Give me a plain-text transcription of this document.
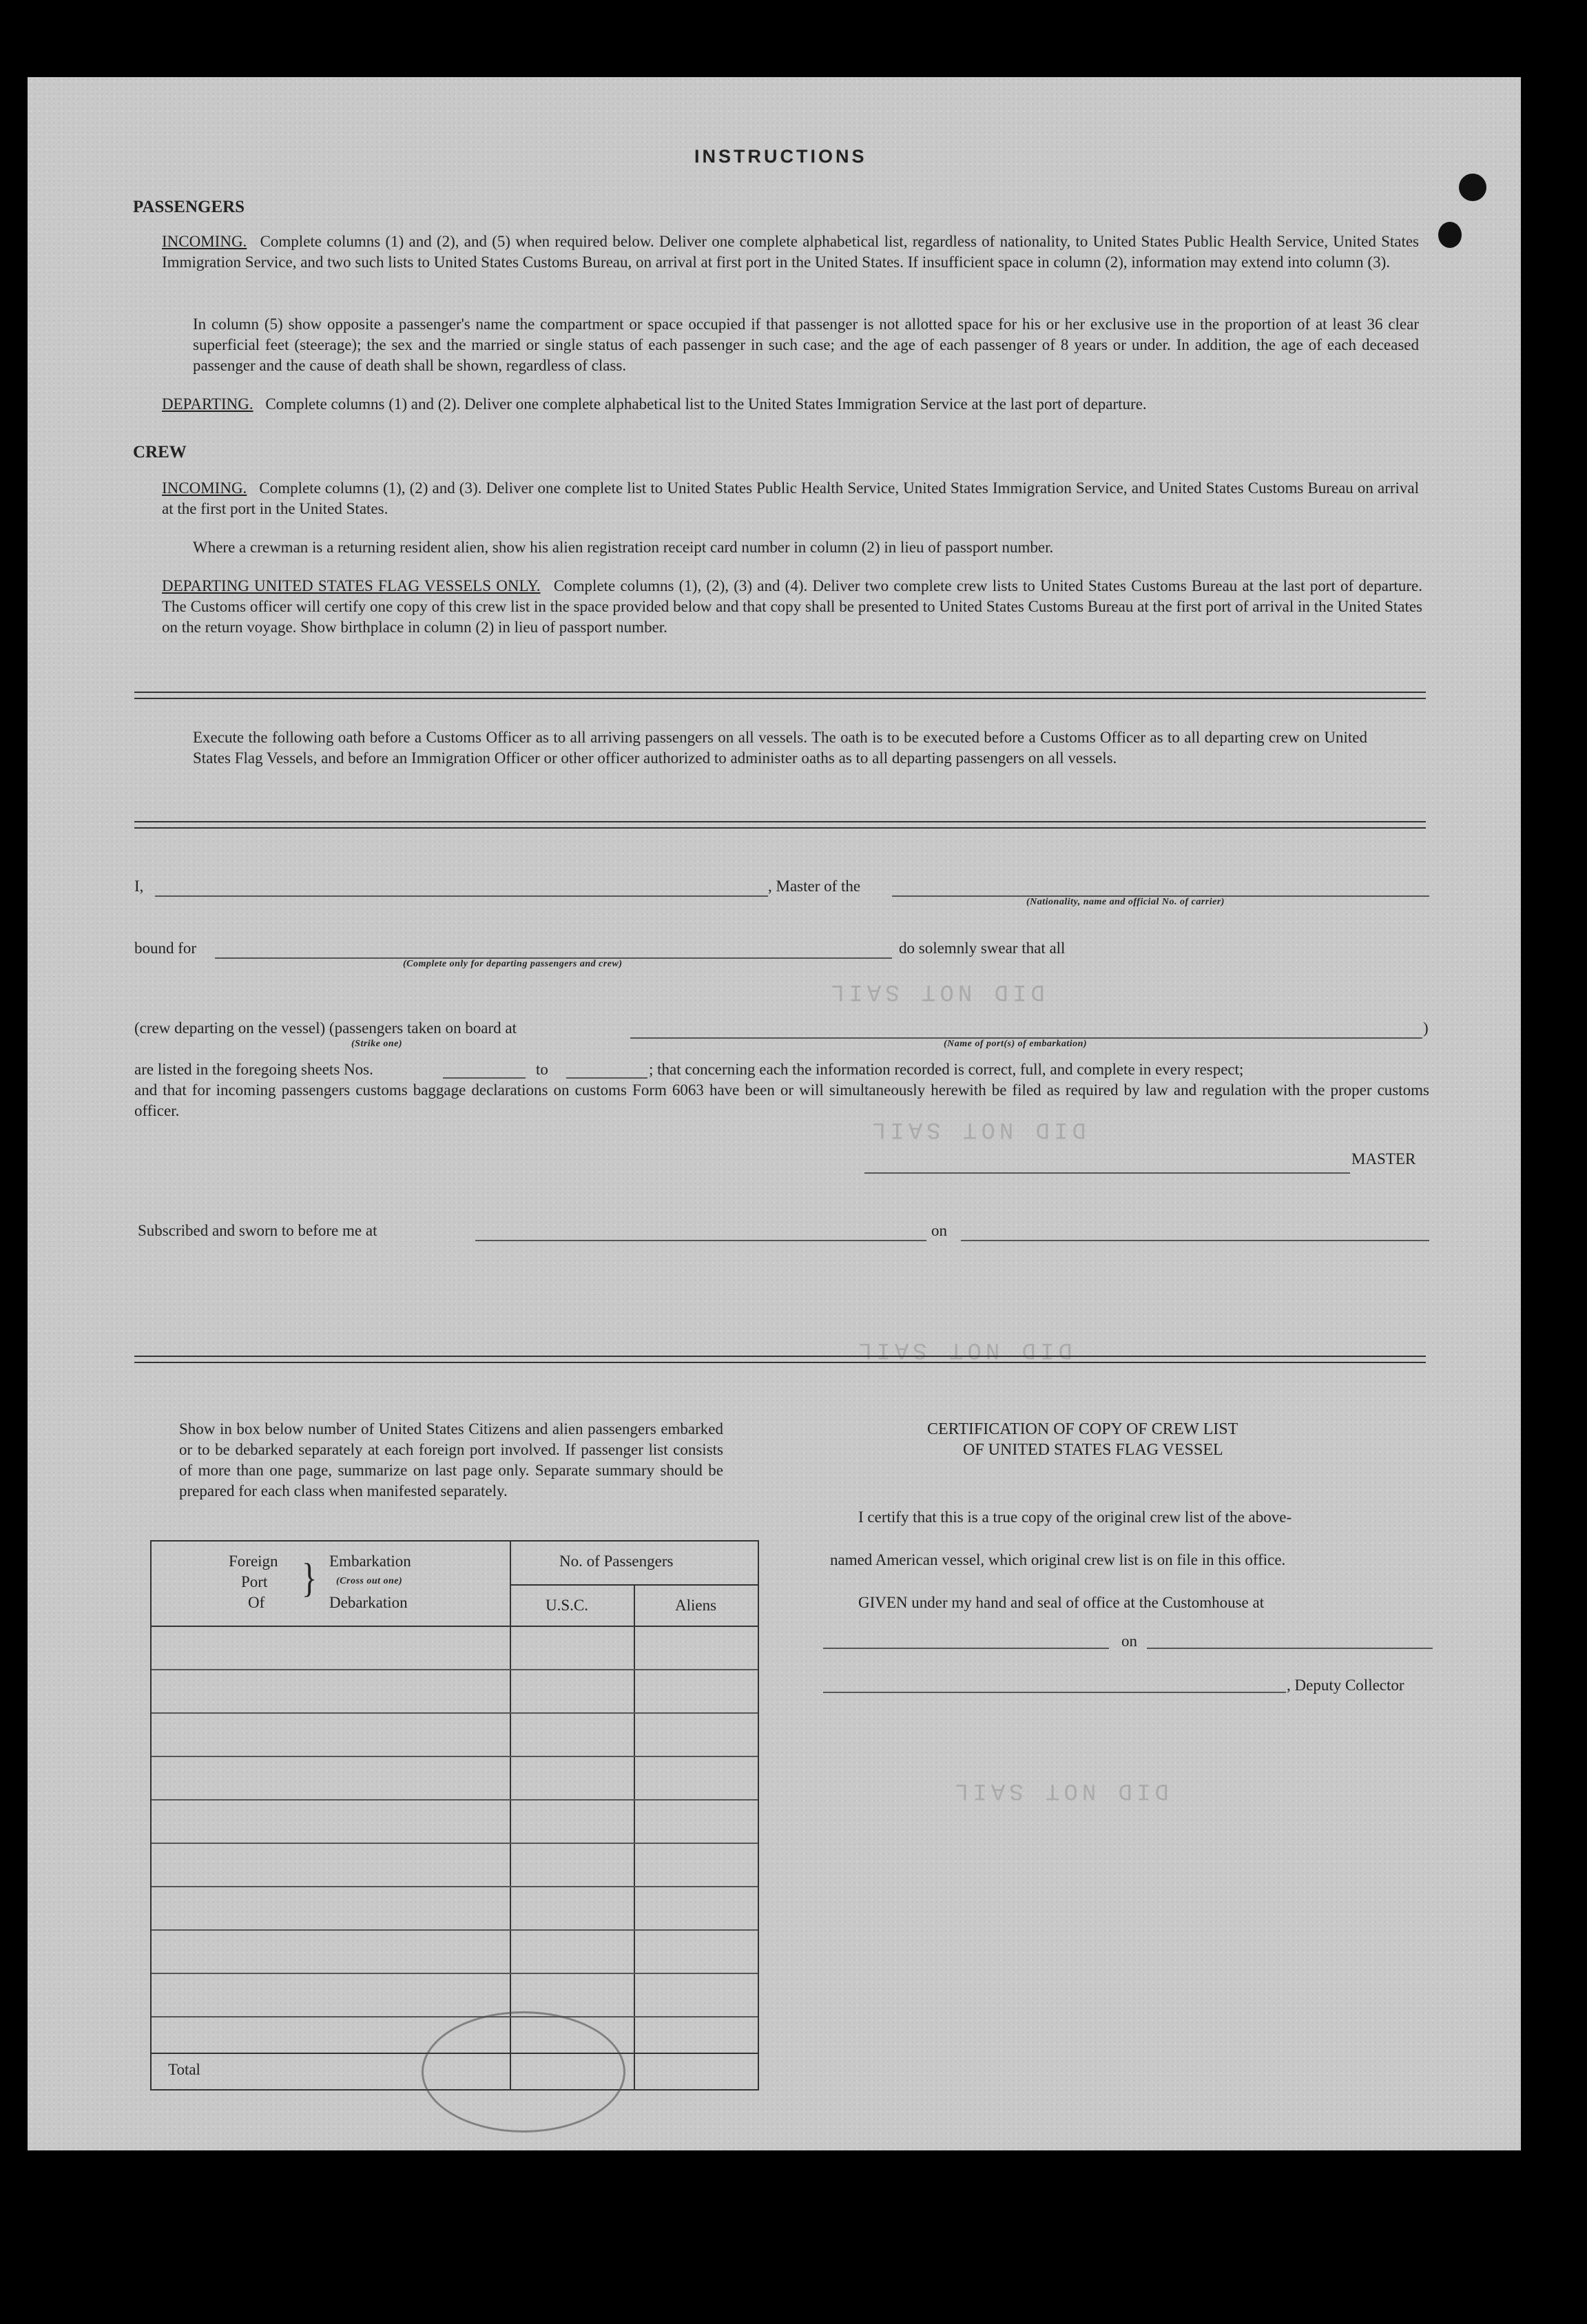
DID NOT SAIL
DID NOT SAIL
DID NOT SAIL
DID NOT SAIL
INSTRUCTIONS
PASSENGERS

INCOMING. Complete columns (1) and (2), and (5) when required below. Deliver one complete alphabetical list, regardless of nationality, to United States Public Health Service, United States Immigration Service, and two such lists to United States Customs Bureau, on arrival at first port in the United States. If insufficient space in column (2), information may extend into column (3).

In column (5) show opposite a passenger's name the compartment or space occupied if that passenger is not allotted space for his or her exclusive use in the proportion of at least 36 clear superficial feet (steerage); the sex and the married or single status of each passenger in such case; and the age of each passenger of 8 years or under. In addition, the age of each deceased passenger and the cause of death shall be shown, regardless of class.

DEPARTING. Complete columns (1) and (2). Deliver one complete alphabetical list to the United States Immigration Service at the last port of departure.

CREW

INCOMING. Complete columns (1), (2) and (3). Deliver one complete list to United States Public Health Service, United States Immigration Service, and United States Customs Bureau on arrival at the first port in the United States.

Where a crewman is a returning resident alien, show his alien registration receipt card number in column (2) in lieu of passport number.

DEPARTING UNITED STATES FLAG VESSELS ONLY. Complete columns (1), (2), (3) and (4). Deliver two complete crew lists to United States Customs Bureau at the last port of departure. The Customs officer will certify one copy of this crew list in the space provided below and that copy shall be presented to United States Customs Bureau at the first port of arrival in the United States on the return voyage. Show birthplace in column (2) in lieu of passport number.

Execute the following oath before a Customs Officer as to all arriving passengers on all vessels. The oath is to be executed before a Customs Officer as to all departing crew on United States Flag Vessels, and before an Immigration Officer or other officer authorized to administer oaths as to all departing passengers on all vessels.

I,	, Master of the
(Nationality, name and official No. of carrier)
bound for
(Complete only for departing passengers and crew)
do solemnly swear that all
(crew departing on the vessel) (passengers taken on board at
(Strike one)	(Name of port(s) of embarkation)
)
are listed in the foregoing sheets Nos.	to	; that concerning each the information recorded is correct, full, and complete in every respect;

and that for incoming passengers customs baggage declarations on customs Form 6063 have been or will simultaneously herewith be filed as required by law and regulation with the proper customs officer.

MASTER
Subscribed and sworn to before me at	on

Show in box below number of United States Citizens and alien passengers embarked or to be debarked separately at each foreign port involved. If passenger list consists of more than one page, summarize on last page only. Separate summary should be prepared for each class when manifested separately.

Foreign
Port
Of
} Embarkation
(Cross out one)
Debarkation
No. of Passengers
U.S.C.	Aliens
Total
CERTIFICATION OF COPY OF CREW LIST
OF UNITED STATES FLAG VESSEL
I certify that this is a true copy of the original crew list of the above-
named American vessel, which original crew list is on file in this office.
GIVEN under my hand and seal of office at the Customhouse at
on
, Deputy Collector
